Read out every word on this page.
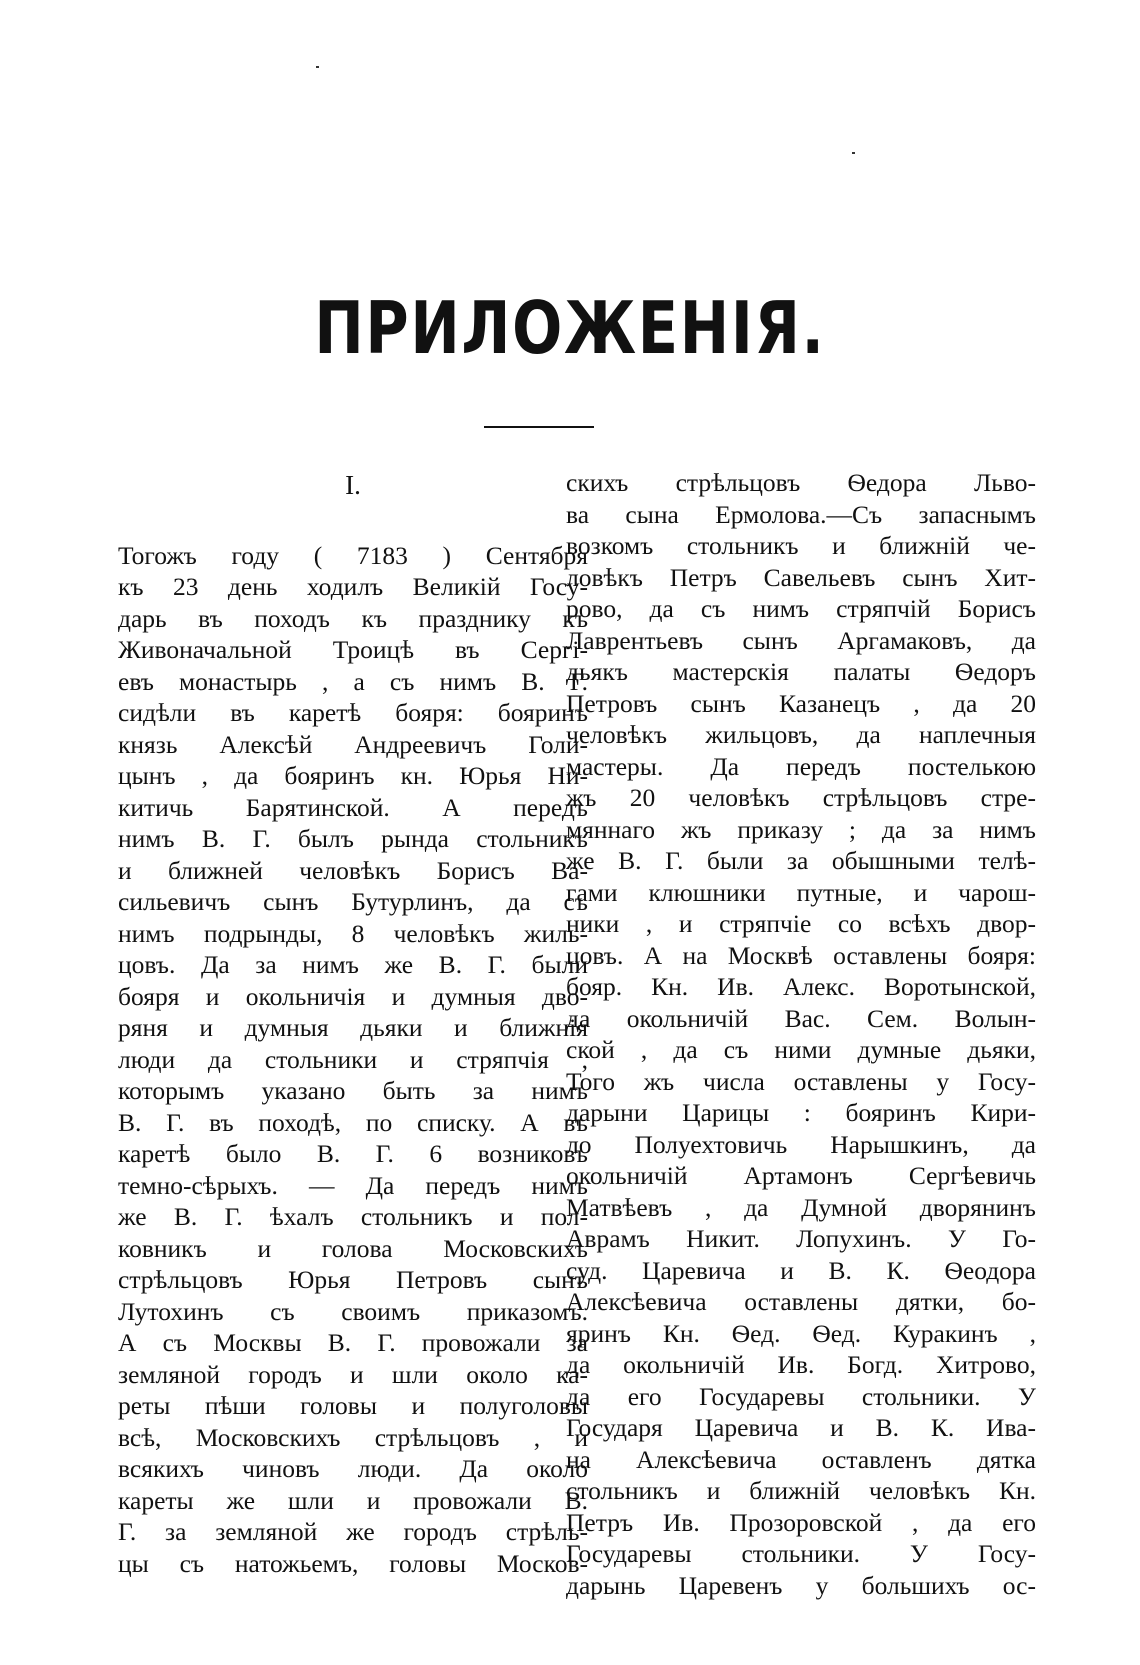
ПРИЛОЖЕНІЯ.
I.
Тогожъ году ( 7183 ) Сентября
къ 23 день ходилъ Великій Госу-
дарь въ походъ къ празднику къ
Живоначальной Троицѣ въ Сергі-
евъ монастырь , а съ нимъ В. Г.
сидѣли въ каретѣ бояря: бояринъ
князь Алексѣй Андреевичъ Голи-
цынъ , да бояринъ кн. Юрья Ни-
китичь Барятинской. А передъ
нимъ В. Г. былъ рында стольникъ
и ближней человѣкъ Борисъ Ва-
сильевичъ сынъ Бутурлинъ, да съ
нимъ подрынды, 8 человѣкъ жиль-
цовъ. Да за нимъ же В. Г. были
бояря и окольничія и думныя дво-
ряня и думныя дьяки и ближнія
люди да стольники и стряпчія ,
которымъ указано быть за нимъ
В. Г. въ походѣ, по списку. А въ
каретѣ было В. Г. 6 возниковъ
темно-сѣрыхъ. — Да передъ нимъ
же В. Г. ѣхалъ стольникъ и пол-
ковникъ и голова Московскихъ
стрѣльцовъ Юрья Петровъ сынъ
Лутохинъ съ своимъ приказомъ.
А съ Москвы В. Г. провожали за
земляной городъ и шли около ка-
реты пѣши головы и полуголовы
всѣ, Московскихъ стрѣльцовъ , и
всякихъ чиновъ люди. Да около
кареты же шли и провожали В.
Г. за земляной же городъ стрѣль-
цы съ натожьемъ, головы Москов-
скихъ стрѣльцовъ Ѳедора Льво-
ва сына Ермолова.—Съ запаснымъ
возкомъ стольникъ и ближній че-
ловѣкъ Петръ Савельевъ сынъ Хит-
рово, да съ нимъ стряпчій Борисъ
Лаврентьевъ сынъ Аргамаковъ, да
дьякъ мастерскія палаты Ѳедоръ
Петровъ сынъ Казанецъ , да 20
человѣкъ жильцовъ, да наплечныя
мастеры. Да передъ постелькою
жъ 20 человѣкъ стрѣльцовъ стре-
мяннаго жъ приказу ; да за нимъ
же В. Г. были за обышными телѣ-
гами клюшники путные, и чарош-
ники , и стряпчіе со всѣхъ двор-
цовъ. А на Москвѣ оставлены бояря:
бояр. Кн. Ив. Алекс. Воротынской,
да окольничій Вас. Сем. Волын-
ской , да съ ними думные дьяки,
Того жъ числа оставлены у Госу-
дарыни Царицы : бояринъ Кири-
ло Полуехтовичь Нарышкинъ, да
окольничій Артамонъ Сергѣевичь
Матвѣевъ , да Думной дворянинъ
Аврамъ Никит. Лопухинъ. У Го-
суд. Царевича и В. К. Ѳеодора
Алексѣевича оставлены дятки, бо-
яринъ Кн. Ѳед. Ѳед. Куракинъ ,
да окольничій Ив. Богд. Хитрово,
да его Государевы стольники. У
Государя Царевича и В. К. Ива-
на Алексѣевича оставленъ дятка
стольникъ и ближній человѣкъ Кн.
Петръ Ив. Прозоровской , да его
Государевы стольники. У Госу-
дарынь Царевенъ у большихъ ос-
